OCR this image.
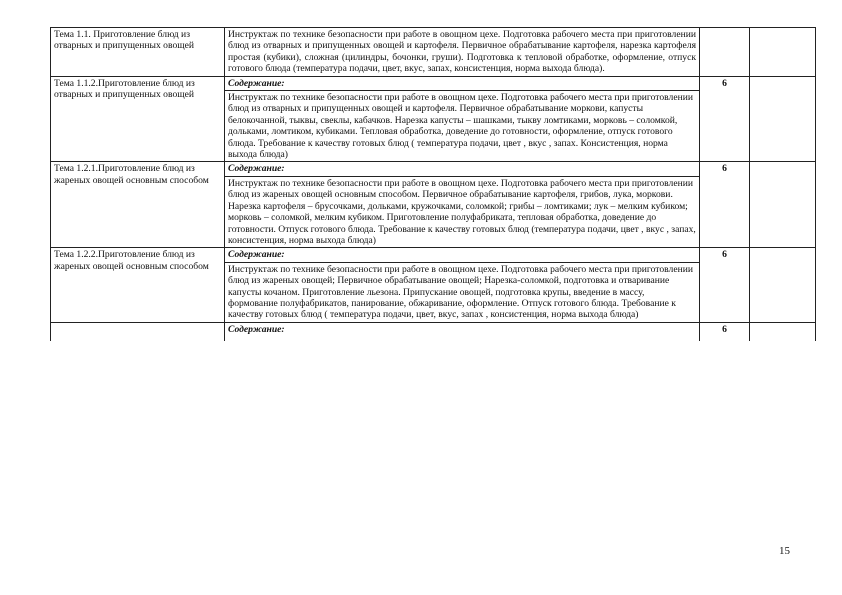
Тема 1.1. Приготовление блюд из отварных и припущенных овощей	Инструктаж по технике безопасности при работе в овощном цехе. Подготовка рабочего места при приготовлении блюд из отварных и припущенных овощей и картофеля. Первичное обрабатывание картофеля, нарезка картофеля простая (кубики), сложная (цилиндры, бочонки, груши). Подготовка к тепловой обработке, оформление, отпуск готового блюда (температура подачи, цвет, вкус, запах, консистенция, норма выхода блюда).		
Тема 1.1.2.Приготовление блюд из отварных и припущенных овощей	Содержание:	6	
	Инструктаж по технике безопасности при работе в овощном цехе. Подготовка рабочего места при приготовлении блюд из отварных и припущенных овощей и картофеля. Первичное обрабатывание моркови, капусты белокочанной, тыквы, свеклы, кабачков. Нарезка капусты – шашками, тыкву ломтиками, морковь – соломкой, дольками, ломтиком, кубиками. Тепловая обработка, доведение до готовности, оформление, отпуск готового блюда. Требование к качеству готовых блюд ( температура подачи, цвет , вкус , запах. Консистенция, норма выхода блюда)		
Тема 1.2.1.Приготовление блюд из жареных овощей основным способом	Содержание:	6	
	Инструктаж по технике безопасности при работе в овощном цехе. Подготовка рабочего места при приготовлении блюд из жареных овощей основным способом. Первичное обрабатывание картофеля, грибов, лука, моркови. Нарезка картофеля – брусочками, дольками, кружочками, соломкой; грибы – ломтиками; лук – мелким кубиком; морковь – соломкой, мелким кубиком. Приготовление полуфабриката, тепловая обработка, доведение до готовности. Отпуск готового блюда. Требование к качеству готовых блюд (температура подачи, цвет , вкус , запах, консистенция, норма выхода блюда)		
Тема 1.2.2.Приготовление блюд из жареных овощей основным способом	Содержание:	6	
	Инструктаж по технике безопасности при работе в овощном цехе. Подготовка рабочего места при приготовлении блюд из жареных овощей; Первичное обрабатывание овощей; Нарезка-соломкой, подготовка и отваривание капусты кочаном. Приготовление льезона. Припускание овощей, подготовка крупы, введение в массу, формование полуфабрикатов, панирование, обжаривание, оформление. Отпуск готового блюда. Требование к качеству готовых блюд ( температура подачи, цвет, вкус, запах , консистенция, норма выхода блюда)		
	Содержание:	6	
15
